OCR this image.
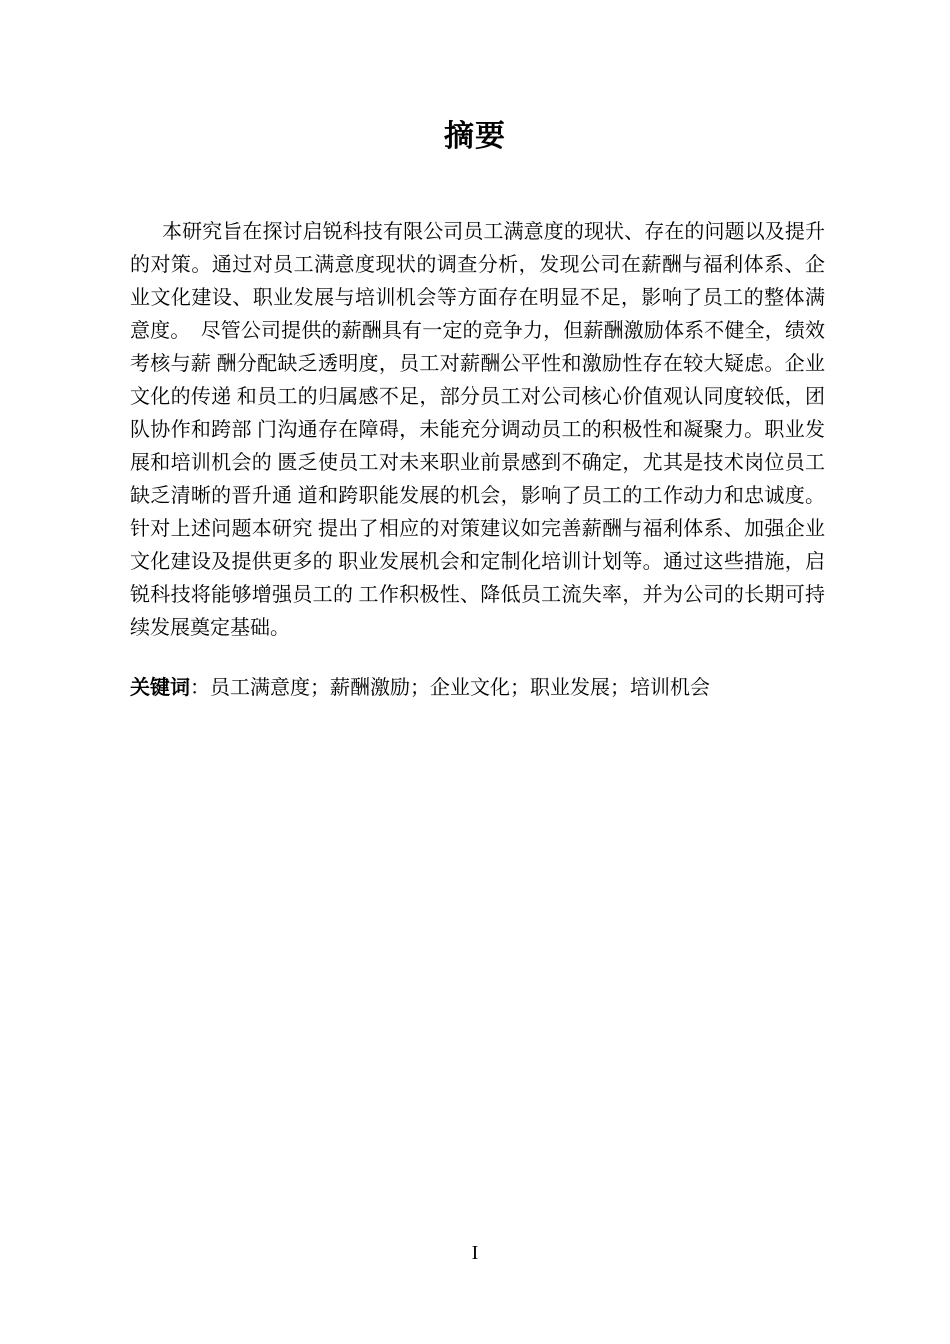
摘要

本研究旨在探讨启锐科技有限公司员工满意度的现状、存在的问题以及提升的对策。通过对员工满意度现状的调查分析，发现公司在薪酬与福利体系、企业文化建设、职业发展与培训机会等方面存在明显不足，影响了员工的整体满意度。　尽管公司提供的薪酬具有一定的竞争力，但薪酬激励体系不健全，绩效考核与薪 酬分配缺乏透明度，员工对薪酬公平性和激励性存在较大疑虑。企业文化的传递 和员工的归属感不足，部分员工对公司核心价值观认同度较低，团队协作和跨部 门沟通存在障碍，未能充分调动员工的积极性和凝聚力。职业发展和培训机会的 匮乏使员工对未来职业前景感到不确定，尤其是技术岗位员工缺乏清晰的晋升通 道和跨职能发展的机会，影响了员工的工作动力和忠诚度。针对上述问题本研究 提出了相应的对策建议如完善薪酬与福利体系、加强企业文化建设及提供更多的 职业发展机会和定制化培训计划等。通过这些措施，启锐科技将能够增强员工的 工作积极性、降低员工流失率，并为公司的长期可持续发展奠定基础。

关键词：员工满意度；薪酬激励；企业文化；职业发展；培训机会
I
